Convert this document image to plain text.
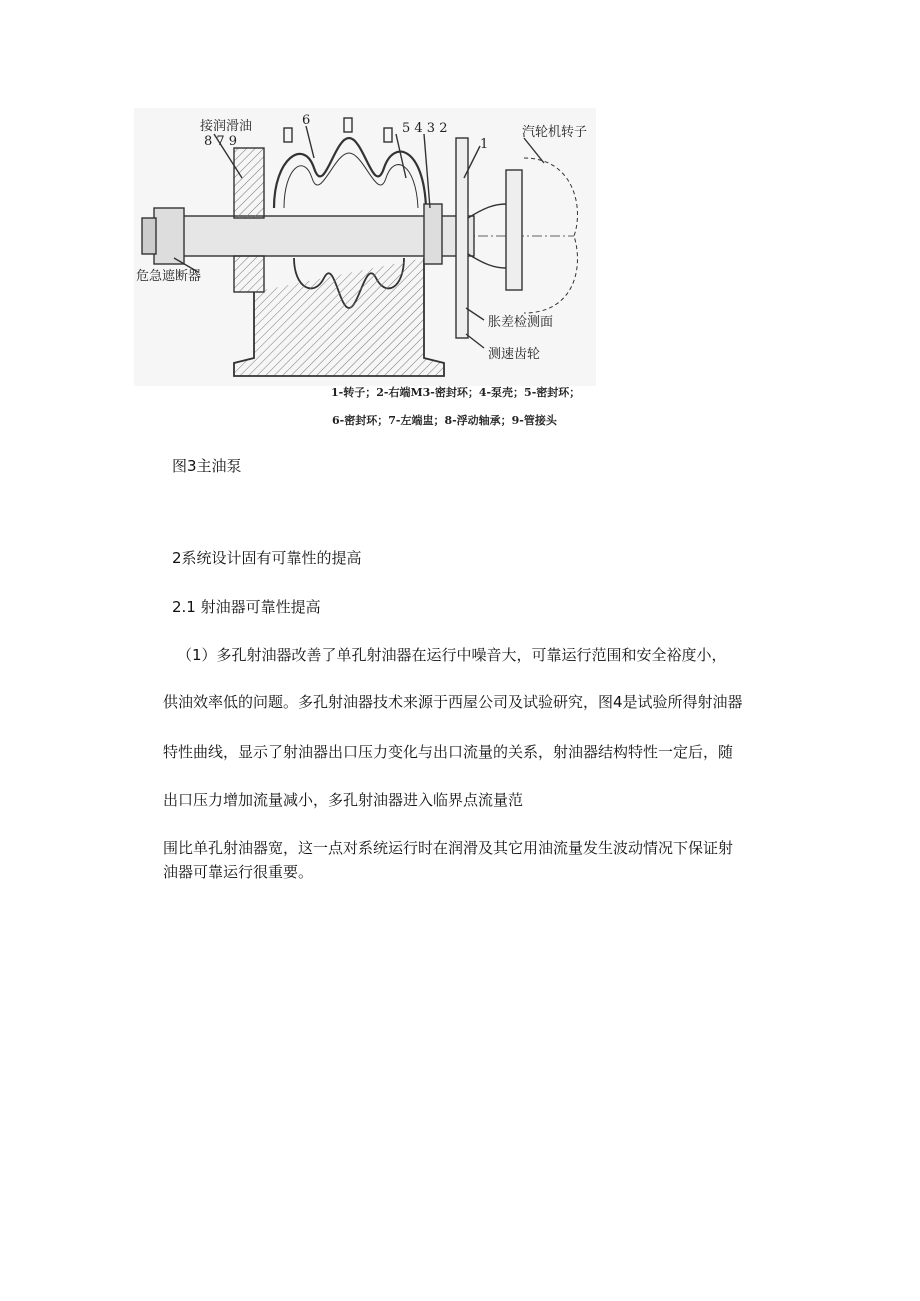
接润滑油
8 7 9
6
5 4 3 2
1
汽轮机转子
危急遮断器
胀差检测面
测速齿轮
1-转子；2-右端M3-密封环；4-泵壳；5-密封环；
6-密封环；7-左端盅；8-浮动轴承；9-管接头
图3主油泵
2系统设计固有可靠性的提高
2.1 射油器可靠性提高
（1）多孔射油器改善了单孔射油器在运行中噪音大，可靠运行范围和安全裕度小，
供油效率低的问题。多孔射油器技术来源于西屋公司及试验研究，图4是试验所得射油器
特性曲线，显示了射油器出口压力变化与出口流量的关系，射油器结构特性一定后，随
出口压力增加流量减小，多孔射油器进入临界点流量范
围比单孔射油器宽，这一点对系统运行时在润滑及其它用油流量发生波动情况下保证射
油器可靠运行很重要。
